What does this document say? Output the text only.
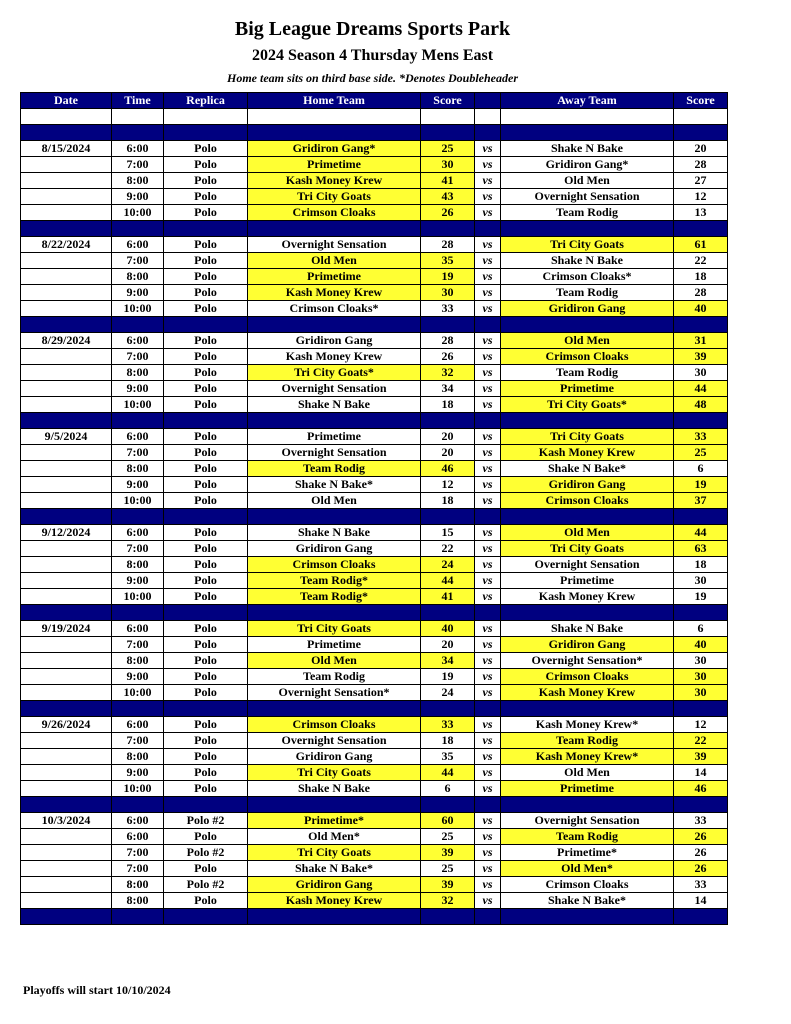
Big League Dreams Sports Park
2024 Season 4 Thursday Mens East
Home team sits on third base side. *Denotes Doubleheader
Date	Time	Replica	Home Team	Score		Away Team	Score

8/15/2024	6:00	Polo	Gridiron Gang*	25	vs	Shake N Bake	20
	7:00	Polo	Primetime	30	vs	Gridiron Gang*	28
	8:00	Polo	Kash Money Krew	41	vs	Old Men	27
	9:00	Polo	Tri City Goats	43	vs	Overnight Sensation	12
	10:00	Polo	Crimson Cloaks	26	vs	Team Rodig	13

8/22/2024	6:00	Polo	Overnight Sensation	28	vs	Tri City Goats	61
	7:00	Polo	Old Men	35	vs	Shake N Bake	22
	8:00	Polo	Primetime	19	vs	Crimson Cloaks*	18
	9:00	Polo	Kash Money Krew	30	vs	Team Rodig	28
	10:00	Polo	Crimson Cloaks*	33	vs	Gridiron Gang	40

8/29/2024	6:00	Polo	Gridiron Gang	28	vs	Old Men	31
	7:00	Polo	Kash Money Krew	26	vs	Crimson Cloaks	39
	8:00	Polo	Tri City Goats*	32	vs	Team Rodig	30
	9:00	Polo	Overnight Sensation	34	vs	Primetime	44
	10:00	Polo	Shake N Bake	18	vs	Tri City Goats*	48

9/5/2024	6:00	Polo	Primetime	20	vs	Tri City Goats	33
	7:00	Polo	Overnight Sensation	20	vs	Kash Money Krew	25
	8:00	Polo	Team Rodig	46	vs	Shake N Bake*	6
	9:00	Polo	Shake N Bake*	12	vs	Gridiron Gang	19
	10:00	Polo	Old Men	18	vs	Crimson Cloaks	37

9/12/2024	6:00	Polo	Shake N Bake	15	vs	Old Men	44
	7:00	Polo	Gridiron Gang	22	vs	Tri City Goats	63
	8:00	Polo	Crimson Cloaks	24	vs	Overnight Sensation	18
	9:00	Polo	Team Rodig*	44	vs	Primetime	30
	10:00	Polo	Team Rodig*	41	vs	Kash Money Krew	19

9/19/2024	6:00	Polo	Tri City Goats	40	vs	Shake N Bake	6
	7:00	Polo	Primetime	20	vs	Gridiron Gang	40
	8:00	Polo	Old Men	34	vs	Overnight Sensation*	30
	9:00	Polo	Team Rodig	19	vs	Crimson Cloaks	30
	10:00	Polo	Overnight Sensation*	24	vs	Kash Money Krew	30

9/26/2024	6:00	Polo	Crimson Cloaks	33	vs	Kash Money Krew*	12
	7:00	Polo	Overnight Sensation	18	vs	Team Rodig	22
	8:00	Polo	Gridiron Gang	35	vs	Kash Money Krew*	39
	9:00	Polo	Tri City Goats	44	vs	Old Men	14
	10:00	Polo	Shake N Bake	6	vs	Primetime	46

10/3/2024	6:00	Polo #2	Primetime*	60	vs	Overnight Sensation	33
	6:00	Polo	Old Men*	25	vs	Team Rodig	26
	7:00	Polo #2	Tri City Goats	39	vs	Primetime*	26
	7:00	Polo	Shake N Bake*	25	vs	Old Men*	26
	8:00	Polo #2	Gridiron Gang	39	vs	Crimson Cloaks	33
	8:00	Polo	Kash Money Krew	32	vs	Shake N Bake*	14

Playoffs will start 10/10/2024
